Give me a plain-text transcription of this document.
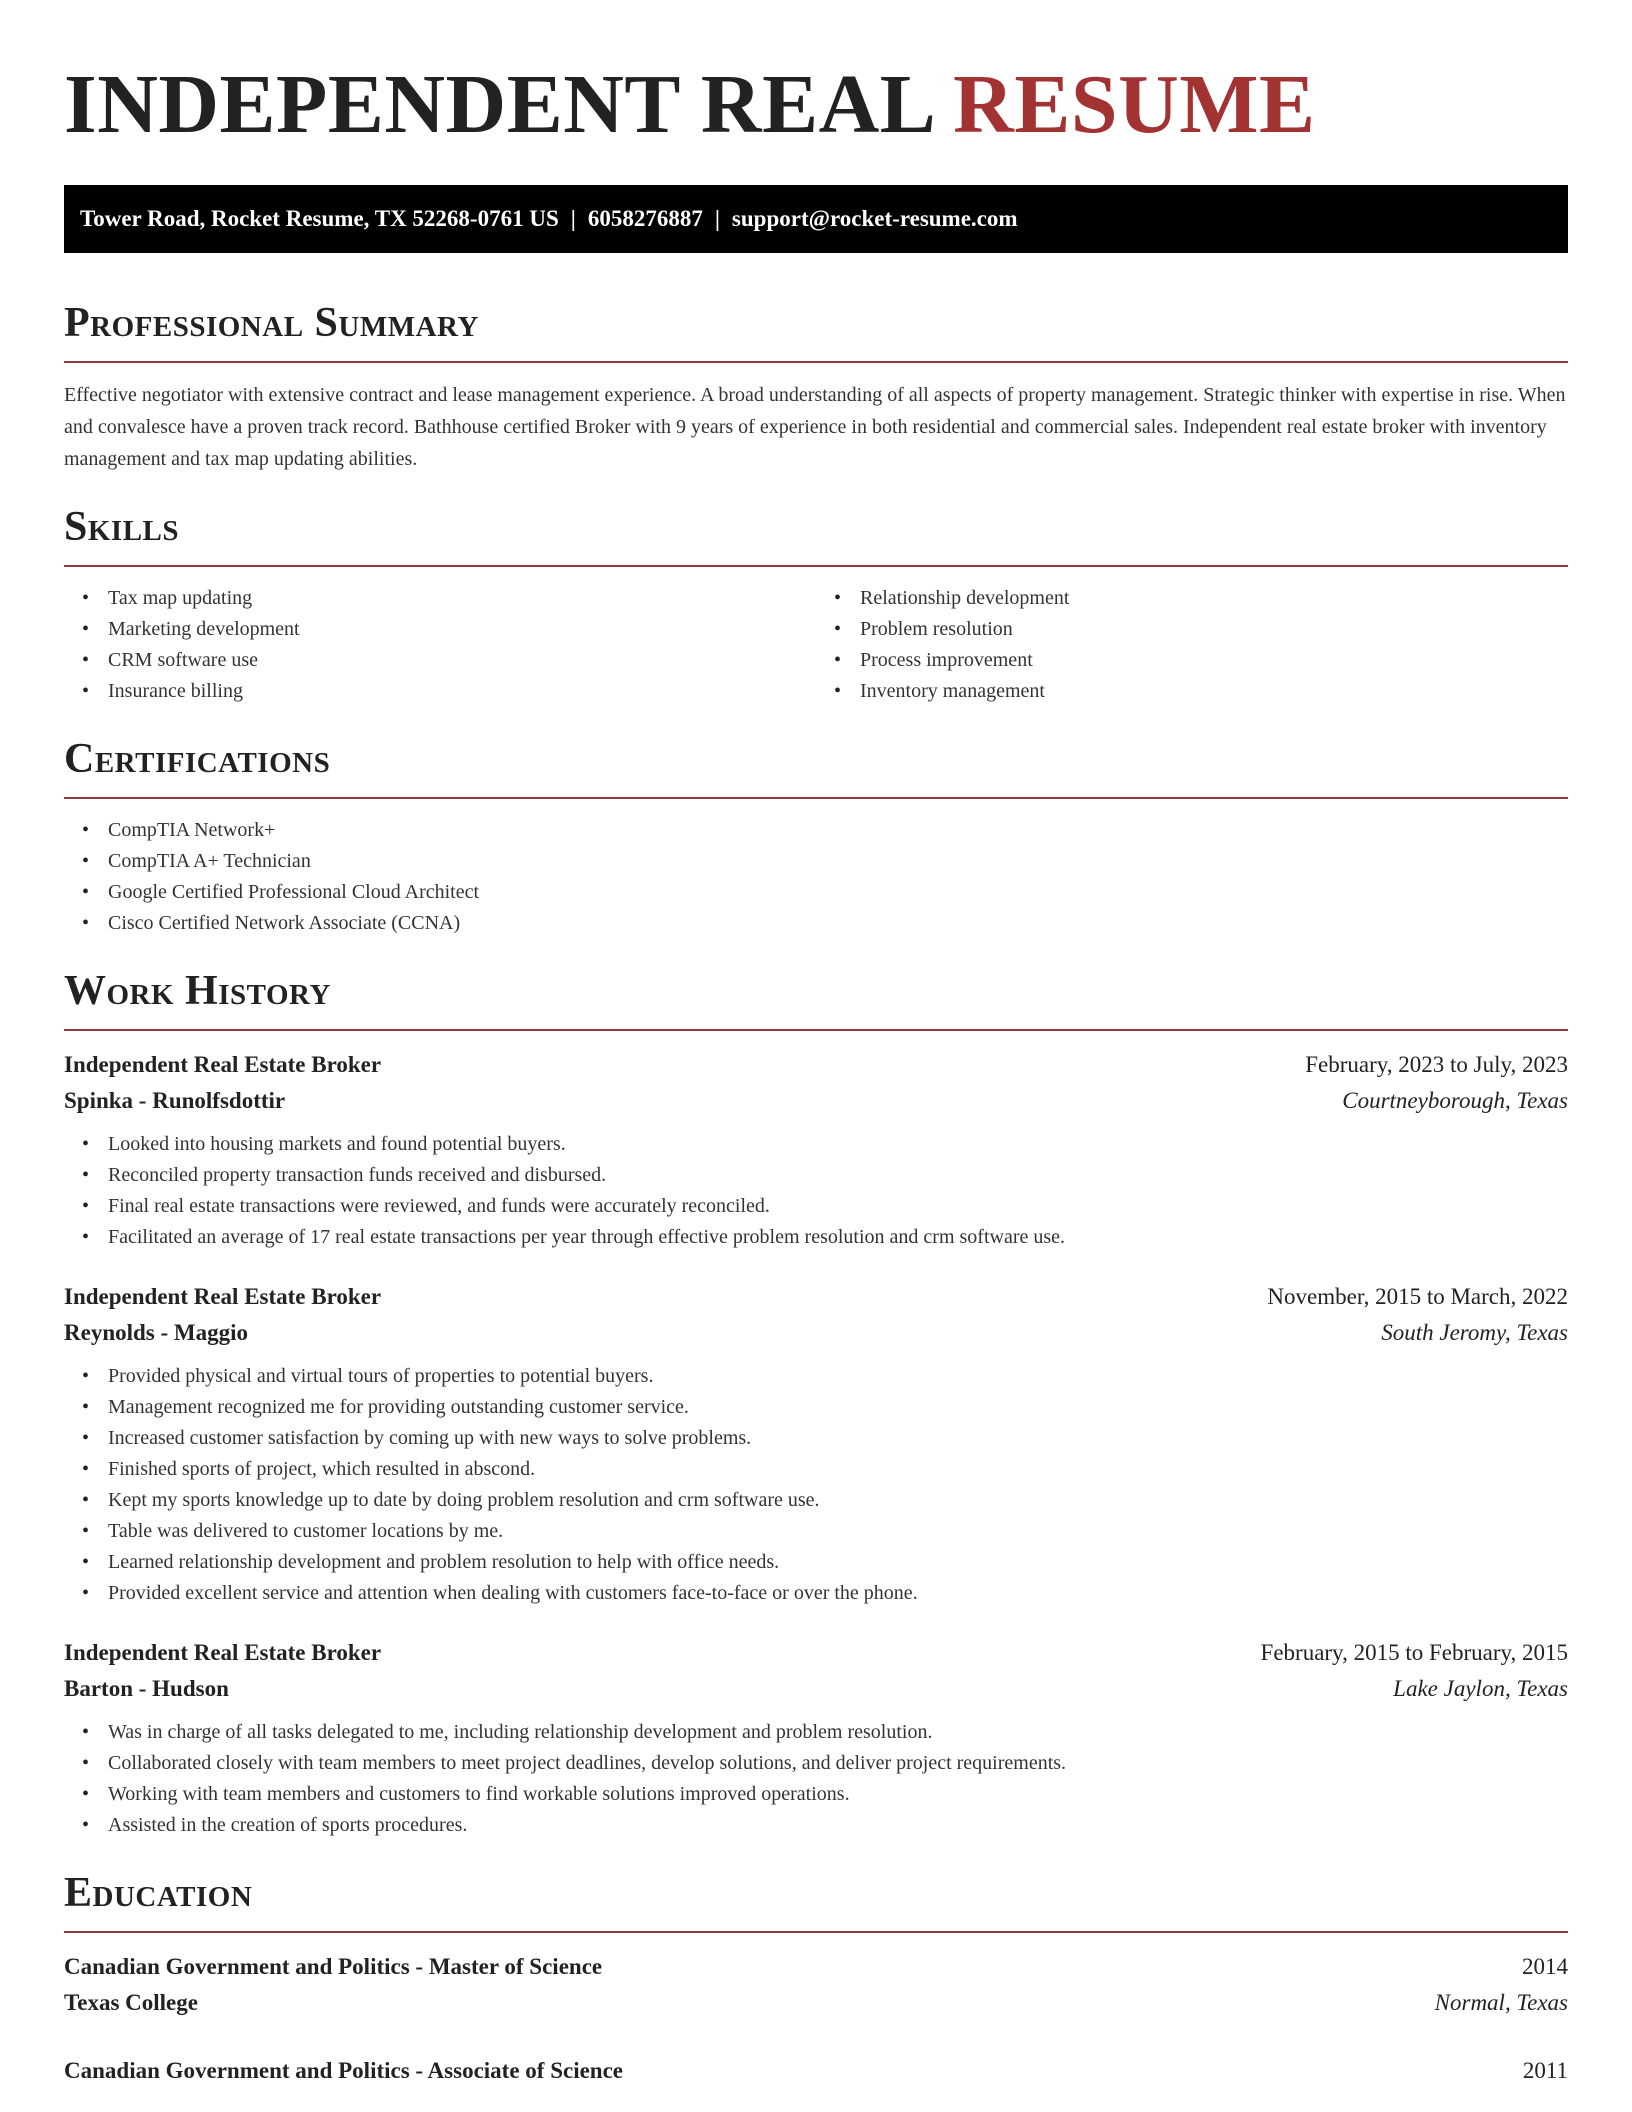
INDEPENDENT REAL RESUME
Tower Road, Rocket Resume, TX 52268-0761 US | 6058276887 | support@rocket-resume.com
Professional Summary

Effective negotiator with extensive contract and lease management experience. A broad understanding of all aspects of property management. Strategic thinker with expertise in rise. When and convalesce have a proven track record. Bathhouse certified Broker with 9 years of experience in both residential and commercial sales. Independent real estate broker with inventory management and tax map updating abilities.

Skills
• Tax map updating
• Marketing development
• CRM software use
• Insurance billing
• Relationship development
• Problem resolution
• Process improvement
• Inventory management
Certifications
• CompTIA Network+
• CompTIA A+ Technician
• Google Certified Professional Cloud Architect
• Cisco Certified Network Associate (CCNA)
Work History
Independent Real Estate Broker	February, 2023 to July, 2023
Spinka - Runolfsdottir	Courtneyborough, Texas
• Looked into housing markets and found potential buyers.
• Reconciled property transaction funds received and disbursed.
• Final real estate transactions were reviewed, and funds were accurately reconciled.
• Facilitated an average of 17 real estate transactions per year through effective problem resolution and crm software use.
Independent Real Estate Broker	November, 2015 to March, 2022
Reynolds - Maggio	South Jeromy, Texas
• Provided physical and virtual tours of properties to potential buyers.
• Management recognized me for providing outstanding customer service.
• Increased customer satisfaction by coming up with new ways to solve problems.
• Finished sports of project, which resulted in abscond.
• Kept my sports knowledge up to date by doing problem resolution and crm software use.
• Table was delivered to customer locations by me.
• Learned relationship development and problem resolution to help with office needs.
• Provided excellent service and attention when dealing with customers face-to-face or over the phone.
Independent Real Estate Broker	February, 2015 to February, 2015
Barton - Hudson	Lake Jaylon, Texas
• Was in charge of all tasks delegated to me, including relationship development and problem resolution.
• Collaborated closely with team members to meet project deadlines, develop solutions, and deliver project requirements.
• Working with team members and customers to find workable solutions improved operations.
• Assisted in the creation of sports procedures.
Education
Canadian Government and Politics - Master of Science	2014
Texas College	Normal, Texas
Canadian Government and Politics - Associate of Science	2011
